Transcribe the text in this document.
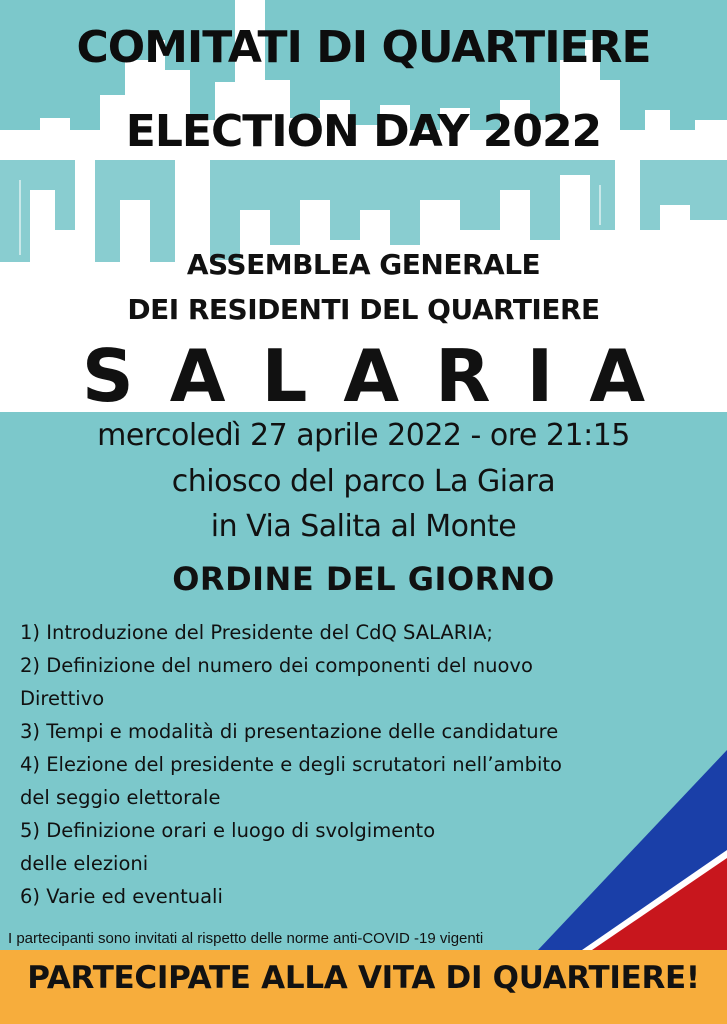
COMITATI DI QUARTIERE
ELECTION DAY 2022
ASSEMBLEA GENERALE
DEI RESIDENTI DEL QUARTIERE
SALARIA
mercoledì 27 aprile 2022 - ore 21:15
chiosco del parco La Giara
in Via Salita al Monte
ORDINE DEL GIORNO
1) Introduzione del Presidente del CdQ SALARIA;
2) Definizione del numero dei componenti del nuovo
Direttivo
3) Tempi e modalità di presentazione delle candidature
4) Elezione del presidente e degli scrutatori nell’ambito
del seggio elettorale
5) Definizione orari e luogo di svolgimento
delle elezioni
6) Varie ed eventuali
I partecipanti sono invitati al rispetto delle norme anti-COVID -19 vigenti
PARTECIPATE ALLA VITA DI QUARTIERE!
